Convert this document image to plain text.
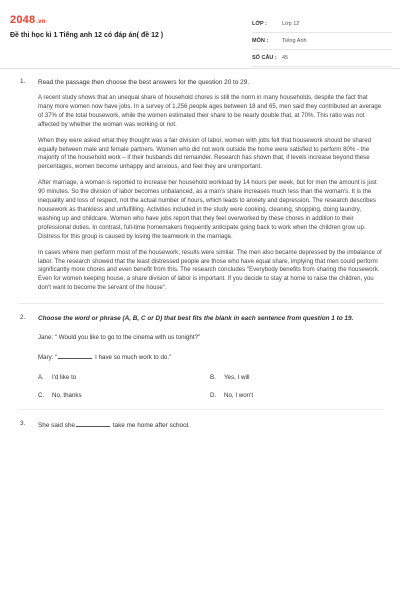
2048.vn
Đề thi học kì 1 Tiếng anh 12 có đáp án( đề 12 )
LỚP :	Lớp 12
MÔN :	Tiếng Anh
SỐ CÂU : 45
1. Read the passage then choose the best answers for the question 20 to 29.

A recent study shows that an unequal share of household chores is still the norm in many households, despite the fact that many more women now have jobs. In a survey of 1,256 people ages between 18 and 65, men said they contributed an average of 37% of the total housework, while the women estimated their share to be nearly double that, at 70%. This ratio was not affected by whether the woman was working or not.

When they were asked what they thought was a fair division of labor, women with jobs felt that housework should be shared equally between male and female partners. Women who did not work outside the home were satisfied to perform 80% - the majority of the household work – if their husbands did remainder. Research has shown that, if levels increase beyond these percentages, women become unhappy and anxious, and feel they are unimportant.

After marriage, a woman is reported to increase her household workload by 14 hours per week, but for men the amount is just 90 minutes. So the division of labor becomes unbalanced, as a man's share increases much less than the woman's. It is the inequality and loss of respect, not the actual number of hours, which leads to anxiety and depression. The research describes housework as thankless and unfulfilling. Activities included in the study were cooking, cleaning, shopping, doing laundry, washing up and childcare. Women who have jobs report that they feel overworked by these chores in addition to their professional duties. In contrast, full-time homemakers frequently anticipate going back to work when the children grow up. Distress for this group is caused by losing the teamwork in the marriage.

In cases where men perform most of the housework, results were similar. The men also became depressed by the imbalance of labor. The research showed that the least distressed people are those who have equal share, implying that men could perform significantly more chores and even benefit from this. The research concludes "Everybody benefits from sharing the housework. Even for women keeping house, a share division of labor is important. If you decide to stay at home to raise the children, you don't want to become the servant of the house".

2. Choose the word or phrase (A, B, C or D) that best fits the blank in each sentence from question 1 to 19.
Jane: " Would you like to go to the cinema with us tonight?"
Mary: "	I have so much work to do."
A. I'd like to	B. Yes, I will
C. No, thanks	D. No, I won't
3. She said she	take me home after school.
